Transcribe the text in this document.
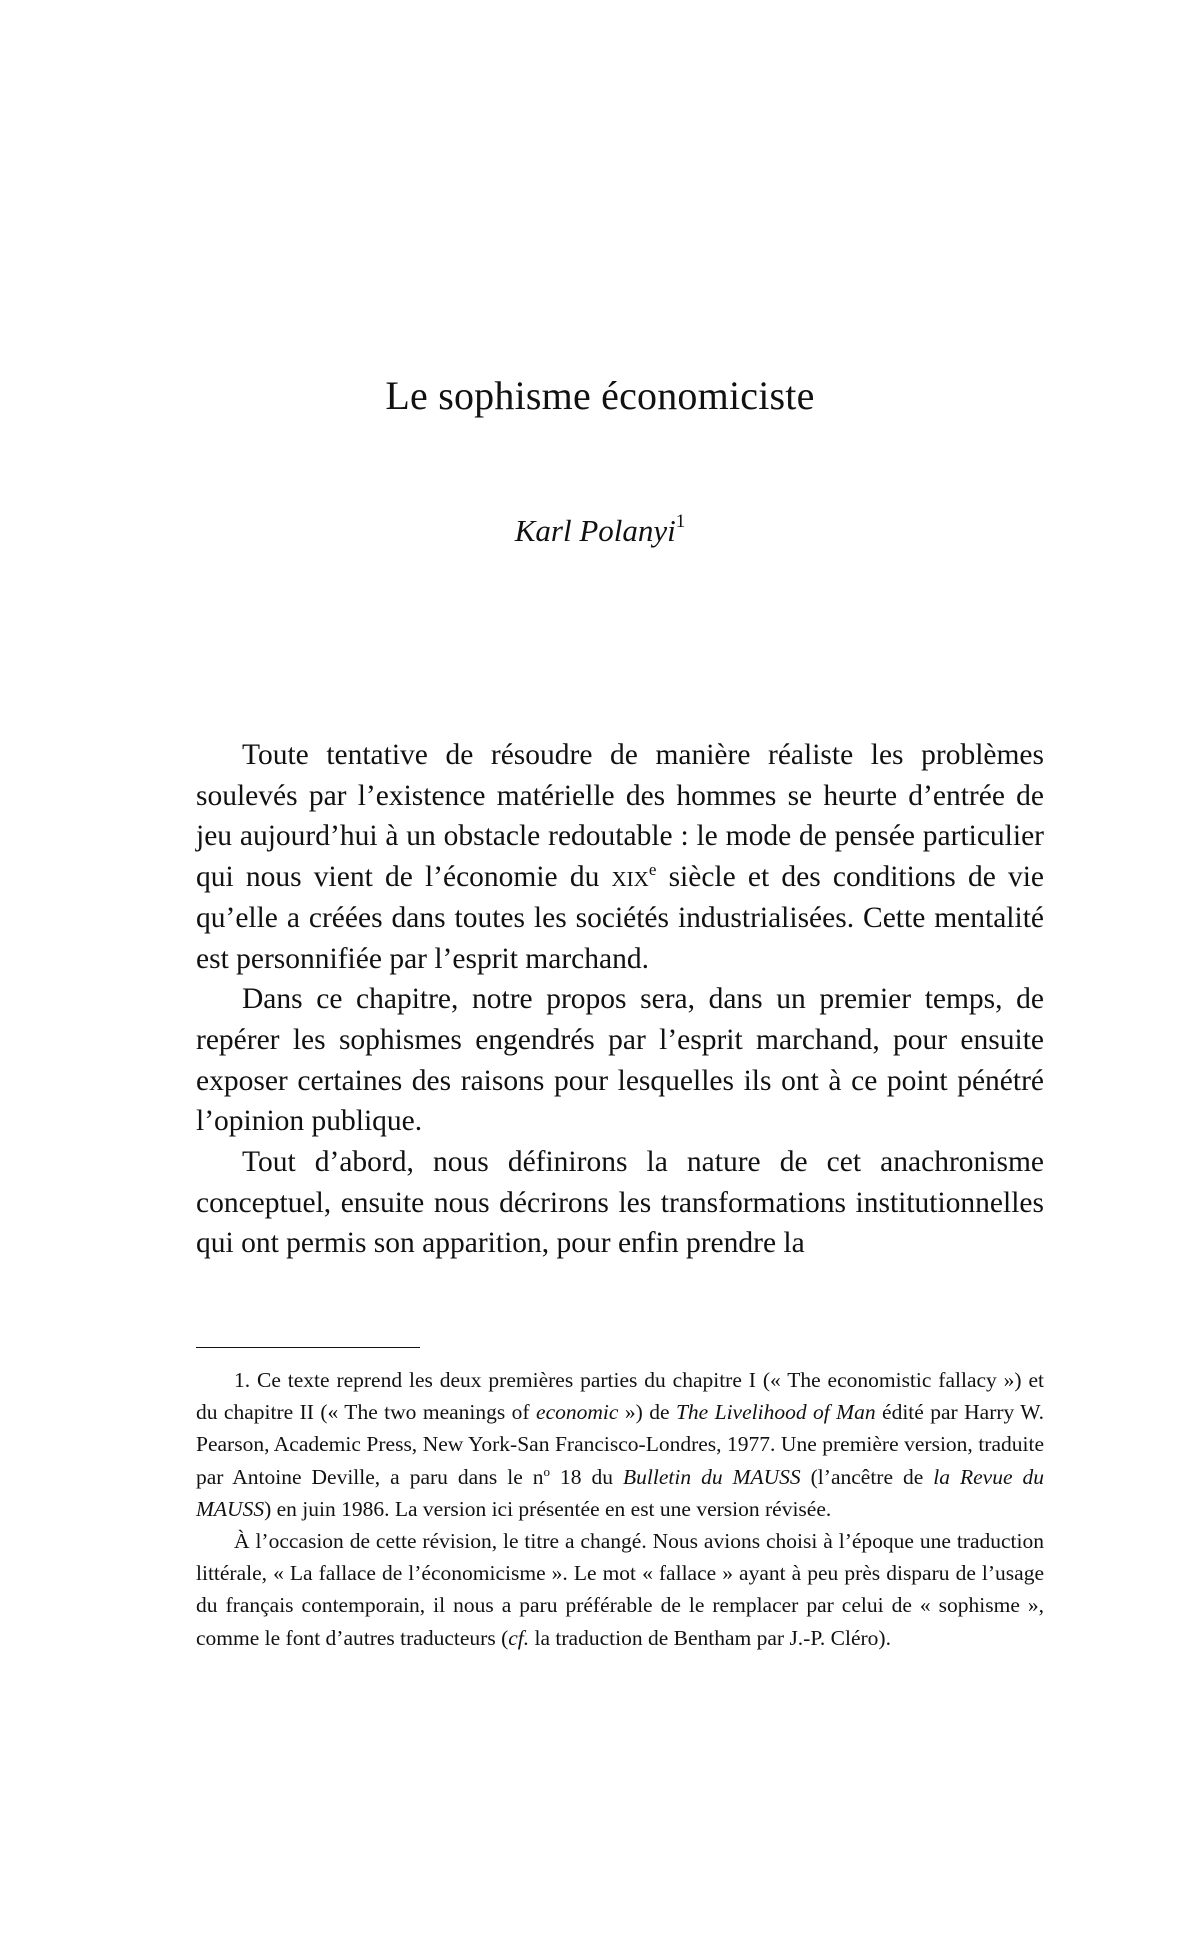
Le sophisme économiciste
Karl Polanyi$^1$

Toute tentative de résoudre de manière réaliste les problèmes soulevés par l’existence matérielle des hommes se heurte d’entrée de jeu aujourd’hui à un obstacle redoutable : le mode de pensée particulier qui nous vient de l’économie du xix$^e$ siècle et des conditions de vie qu’elle a créées dans toutes les sociétés industrialisées. Cette mentalité est personnifiée par l’esprit marchand.

Dans ce chapitre, notre propos sera, dans un premier temps, de repérer les sophismes engendrés par l’esprit marchand, pour ensuite exposer certaines des raisons pour lesquelles ils ont à ce point pénétré l’opinion publique.

Tout d’abord, nous définirons la nature de cet anachronisme conceptuel, ensuite nous décrirons les transformations institutionnelles qui ont permis son apparition, pour enfin prendre la

1. Ce texte reprend les deux premières parties du chapitre I (« The economistic fallacy ») et du chapitre II (« The two meanings of economic ») de The Livelihood of Man édité par Harry W. Pearson, Academic Press, New York-San Francisco-Londres, 1977. Une première version, traduite par Antoine Deville, a paru dans le $n^o$ 18 du Bulletin du MAUSS (l’ancêtre de la Revue du MAUSS) en juin 1986. La version ici présentée en est une version révisée.

À l’occasion de cette révision, le titre a changé. Nous avions choisi à l’époque une traduction littérale, « La fallace de l’économicisme ». Le mot « fallace » ayant à peu près disparu de l’usage du français contemporain, il nous a paru préférable de le remplacer par celui de « sophisme », comme le font d’autres traducteurs (cf. la traduction de Bentham par J.-P. Cléro).
